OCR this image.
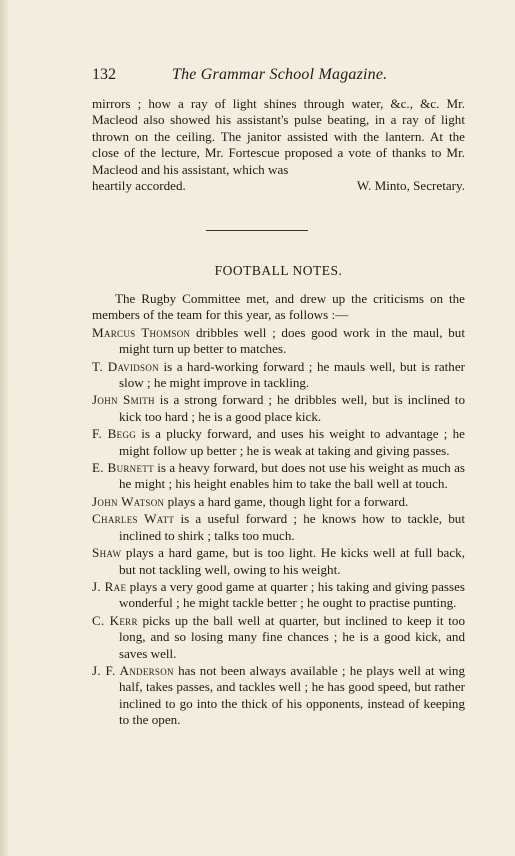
132	The Grammar School Magazine.
mirrors ; how a ray of light shines through water, &c., &c. Mr. Macleod also showed his assistant's pulse beating, in a ray of light thrown on the ceiling. The janitor assisted with the lantern. At the close of the lecture, Mr. Fortescue proposed a vote of thanks to Mr. Macleod and his assistant, which was
heartily accorded.	W. Minto, Secretary.
FOOTBALL NOTES.
The Rugby Committee met, and drew up the criticisms on the members of the team for this year, as follows :—
Marcus Thomson dribbles well ; does good work in the maul, but might turn up better to matches.
T. Davidson is a hard-working forward ; he mauls well, but is rather slow ; he might improve in tackling.
John Smith is a strong forward ; he dribbles well, but is inclined to kick too hard ; he is a good place kick.
F. Begg is a plucky forward, and uses his weight to advantage ; he might follow up better ; he is weak at taking and giving passes.
E. Burnett is a heavy forward, but does not use his weight as much as he might ; his height enables him to take the ball well at touch.
John Watson plays a hard game, though light for a forward.
Charles Watt is a useful forward ; he knows how to tackle, but inclined to shirk ; talks too much.
Shaw plays a hard game, but is too light. He kicks well at full back, but not tackling well, owing to his weight.
J. Rae plays a very good game at quarter ; his taking and giving passes wonderful ; he might tackle better ; he ought to practise punting.
C. Kerr picks up the ball well at quarter, but inclined to keep it too long, and so losing many fine chances ; he is a good kick, and saves well.
J. F. Anderson has not been always available ; he plays well at wing half, takes passes, and tackles well ; he has good speed, but rather inclined to go into the thick of his opponents, instead of keeping to the open.
